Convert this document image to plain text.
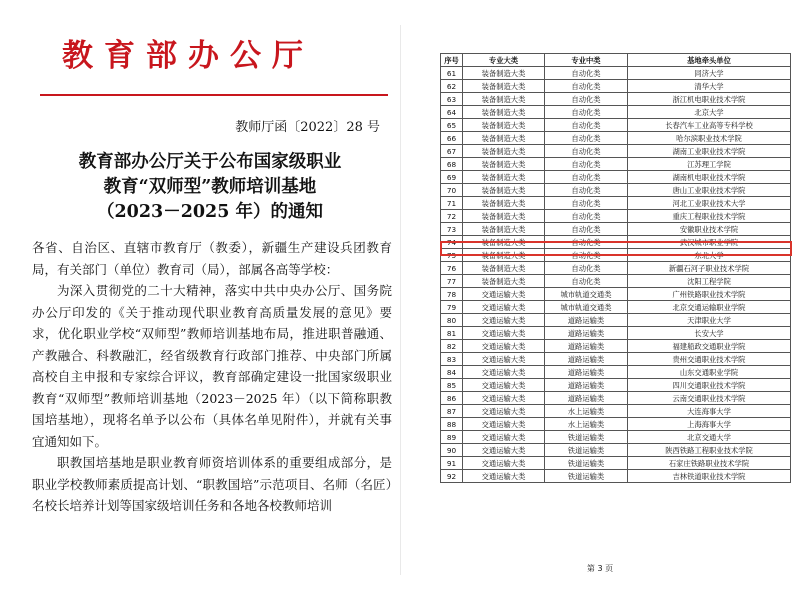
教育部办公厅
教师厅函〔2022〕28 号
教育部办公厅关于公布国家级职业
教育“双师型”教师培训基地
（2023－2025 年）的通知

各省、自治区、直辖市教育厅（教委），新疆生产建设兵团教育局，有关部门（单位）教育司（局），部属各高等学校：

为深入贯彻党的二十大精神，落实中共中央办公厅、国务院办公厅印发的《关于推动现代职业教育高质量发展的意见》要求，优化职业学校“双师型”教师培训基地布局，推进职普融通、产教融合、科教融汇，经省级教育行政部门推荐、中央部门所属高校自主申报和专家综合评议，教育部确定建设一批国家级职业教育“双师型”教师培训基地（2023－2025 年）（以下简称职教国培基地），现将名单予以公布（具体名单见附件），并就有关事宜通知如下。

职教国培基地是职业教育师资培训体系的重要组成部分，是职业学校教师素质提高计划、“职教国培”示范项目、名师（名匠）名校长培养计划等国家级培训任务和各地各校教师培训

序号	专业大类	专业中类	基地牵头单位
61	装备制造大类	自动化类	同济大学
62	装备制造大类	自动化类	清华大学
63	装备制造大类	自动化类	浙江机电职业技术学院
64	装备制造大类	自动化类	北京大学
65	装备制造大类	自动化类	长春汽车工业高等专科学校
66	装备制造大类	自动化类	哈尔滨职业技术学院
67	装备制造大类	自动化类	湖南工业职业技术学院
68	装备制造大类	自动化类	江苏理工学院
69	装备制造大类	自动化类	湖南机电职业技术学院
70	装备制造大类	自动化类	唐山工业职业技术学院
71	装备制造大类	自动化类	河北工业职业技术大学
72	装备制造大类	自动化类	重庆工程职业技术学院
73	装备制造大类	自动化类	安徽职业技术学院
74	装备制造大类	自动化类	武汉城市职业学院
75	装备制造大类	自动化类	东北大学
76	装备制造大类	自动化类	新疆石河子职业技术学院
77	装备制造大类	自动化类	沈阳工程学院
78	交通运输大类	城市轨道交通类	广州铁路职业技术学院
79	交通运输大类	城市轨道交通类	北京交通运输职业学院
80	交通运输大类	道路运输类	天津职业大学
81	交通运输大类	道路运输类	长安大学
82	交通运输大类	道路运输类	福建船政交通职业学院
83	交通运输大类	道路运输类	贵州交通职业技术学院
84	交通运输大类	道路运输类	山东交通职业学院
85	交通运输大类	道路运输类	四川交通职业技术学院
86	交通运输大类	道路运输类	云南交通职业技术学院
87	交通运输大类	水上运输类	大连海事大学
88	交通运输大类	水上运输类	上海海事大学
89	交通运输大类	铁道运输类	北京交通大学
90	交通运输大类	铁道运输类	陕西铁路工程职业技术学院
91	交通运输大类	铁道运输类	石家庄铁路职业技术学院
92	交通运输大类	铁道运输类	吉林铁道职业技术学院
第 3 页
